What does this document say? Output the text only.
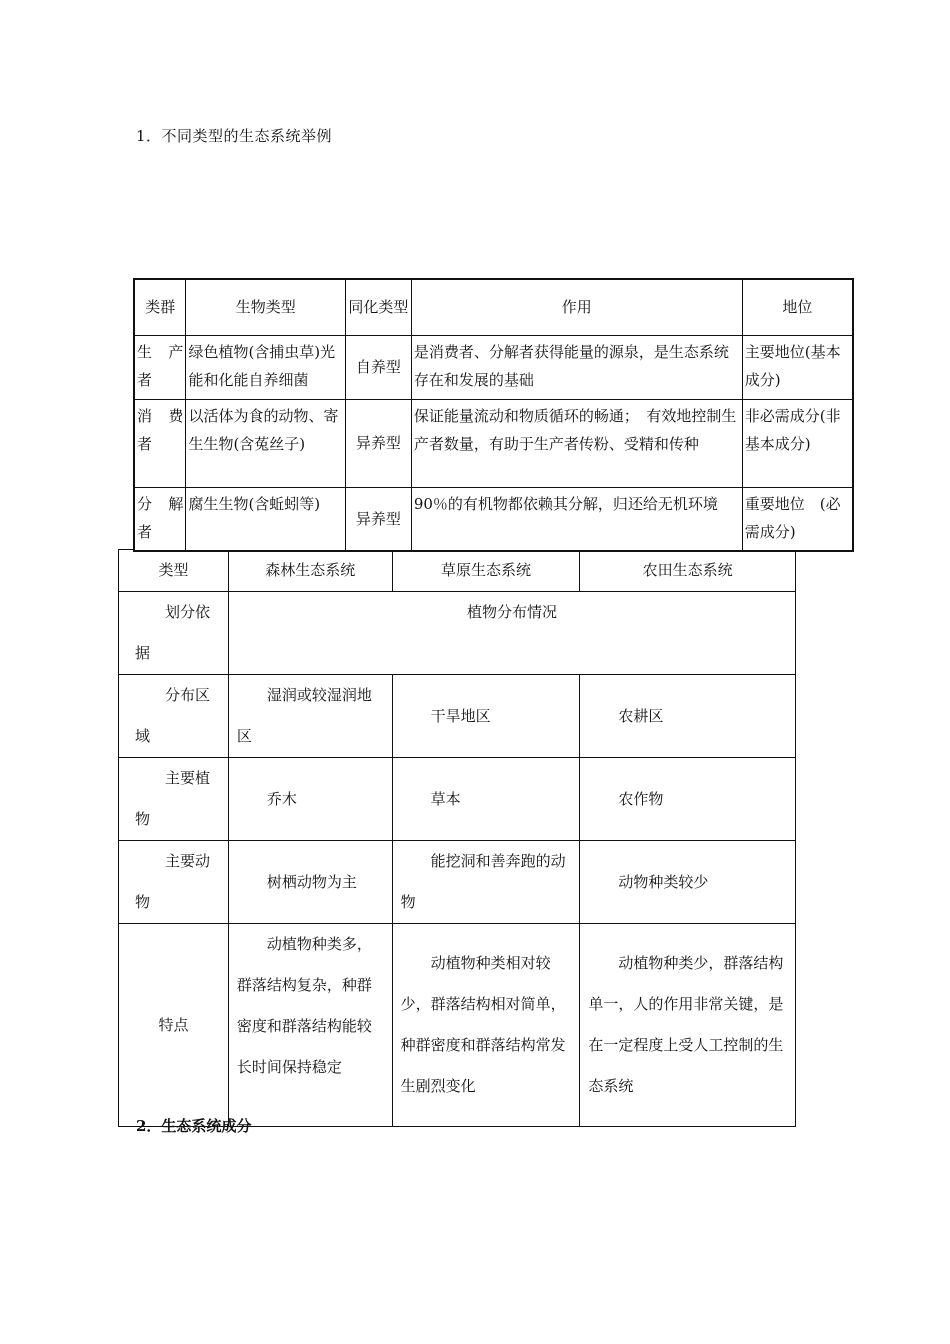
1．不同类型的生态系统举例
类群	生物类型	同化类型	作用	地位
生　产者	绿色植物(含捕虫草)光能和化能自养细菌	自养型	是消费者、分解者获得能量的源泉，是生态系统存在和发展的基础	主要地位(基本成分)
消　费者	以活体为食的动物、寄生生物(含菟丝子)	异养型	保证能量流动和物质循环的畅通；　有效地控制生产者数量，有助于生产者传粉、受精和传种	非必需成分(非基本成分)
分　解者	腐生生物(含蚯蚓等)	异养型	90％的有机物都依赖其分解，归还给无机环境	重要地位　(必需成分)
类型	森林生态系统	草原生态系统	农田生态系统
划分依据	植物分布情况		
分布区域	湿润或较湿润地区	干旱地区	农耕区
主要植物	乔木	草本	农作物
主要动物	树栖动物为主	能挖洞和善奔跑的动物	动物种类较少
特点	动植物种类多，群落结构复杂，种群密度和群落结构能较长时间保持稳定	动植物种类相对较少，群落结构相对简单，种群密度和群落结构常发生剧烈变化	动植物种类少，群落结构单一，人的作用非常关键，是在一定程度上受人工控制的生态系统
2．生态系统成分
